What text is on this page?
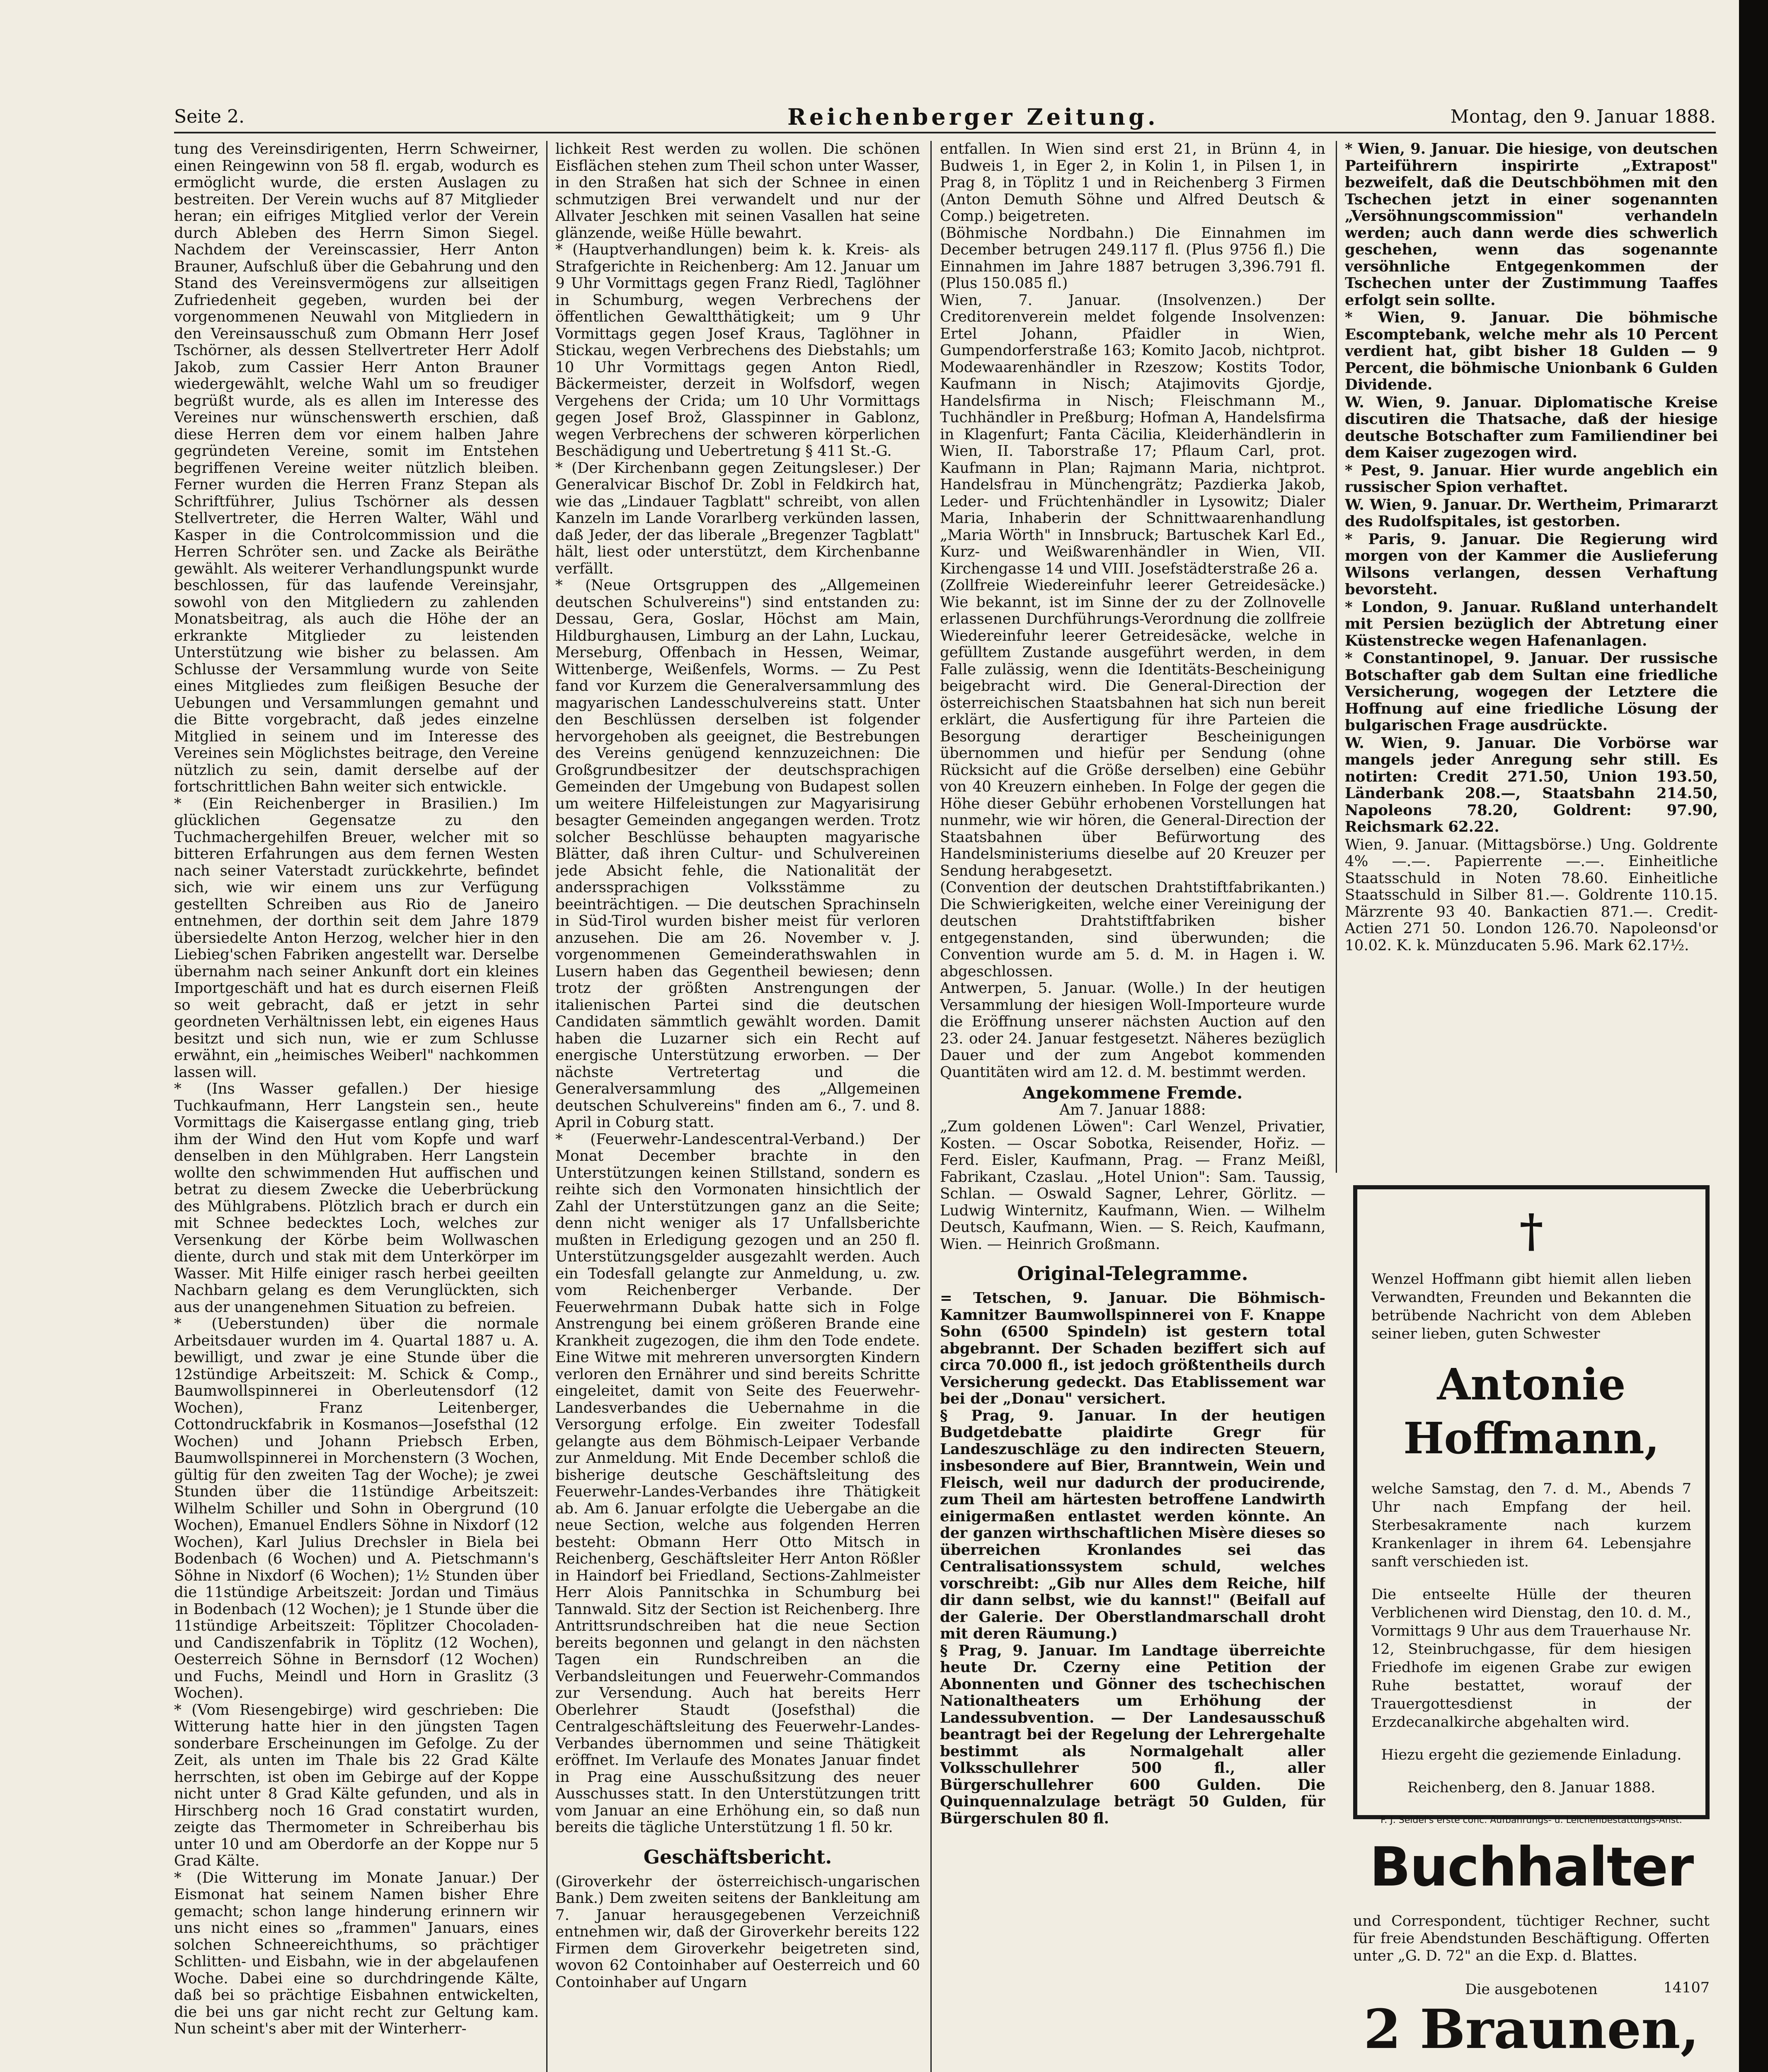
Seite 2.	Reichenberger Zeitung.	Montag, den 9. Januar 1888.

tung des Vereinsdirigenten, Herrn Schweirner, einen Reingewinn von 58 fl. ergab, wodurch es ermöglicht wurde, die ersten Auslagen zu bestreiten. Der Verein wuchs auf 87 Mitglieder heran; ein eifriges Mitglied verlor der Verein durch Ableben des Herrn Simon Siegel. Nachdem der Vereinscassier, Herr Anton Brauner, Aufschluß über die Gebahrung und den Stand des Vereinsvermögens zur allseitigen Zufriedenheit gegeben, wurden bei der vorgenommenen Neuwahl von Mitgliedern in den Vereinsausschuß zum Obmann Herr Josef Tschörner, als dessen Stellvertreter Herr Adolf Jakob, zum Cassier Herr Anton Brauner wiedergewählt, welche Wahl um so freudiger begrüßt wurde, als es allen im Interesse des Vereines nur wünschenswerth erschien, daß diese Herren dem vor einem halben Jahre gegründeten Vereine, somit im Entstehen begriffenen Vereine weiter nützlich bleiben. Ferner wurden die Herren Franz Stepan als Schriftführer, Julius Tschörner als dessen Stellvertreter, die Herren Walter, Wähl und Kasper in die Controlcommission und die Herren Schröter sen. und Zacke als Beiräthe gewählt. Als weiterer Verhandlungspunkt wurde beschlossen, für das laufende Vereinsjahr, sowohl von den Mitgliedern zu zahlenden Monatsbeitrag, als auch die Höhe der an erkrankte Mitglieder zu leistenden Unterstützung wie bisher zu belassen. Am Schlusse der Versammlung wurde von Seite eines Mitgliedes zum fleißigen Besuche der Uebungen und Versammlungen gemahnt und die Bitte vorgebracht, daß jedes einzelne Mitglied in seinem und im Interesse des Vereines sein Möglichstes beitrage, den Vereine nützlich zu sein, damit derselbe auf der fortschrittlichen Bahn weiter sich entwickle.

* (Ein Reichenberger in Brasilien.) Im glücklichen Gegensatze zu den Tuchmachergehilfen Breuer, welcher mit so bitteren Erfahrungen aus dem fernen Westen nach seiner Vaterstadt zurückkehrte, befindet sich, wie wir einem uns zur Verfügung gestellten Schreiben aus Rio de Janeiro entnehmen, der dorthin seit dem Jahre 1879 übersiedelte Anton Herzog, welcher hier in den Liebieg'schen Fabriken angestellt war. Derselbe übernahm nach seiner Ankunft dort ein kleines Importgeschäft und hat es durch eisernen Fleiß so weit gebracht, daß er jetzt in sehr geordneten Verhältnissen lebt, ein eigenes Haus besitzt und sich nun, wie er zum Schlusse erwähnt, ein „heimisches Weiberl" nachkommen lassen will.

* (Ins Wasser gefallen.) Der hiesige Tuchkaufmann, Herr Langstein sen., heute Vormittags die Kaisergasse entlang ging, trieb ihm der Wind den Hut vom Kopfe und warf denselben in den Mühlgraben. Herr Langstein wollte den schwimmenden Hut auffischen und betrat zu diesem Zwecke die Ueberbrückung des Mühlgrabens. Plötzlich brach er durch ein mit Schnee bedecktes Loch, welches zur Versenkung der Körbe beim Wollwaschen diente, durch und stak mit dem Unterkörper im Wasser. Mit Hilfe einiger rasch herbei geeilten Nachbarn gelang es dem Verunglückten, sich aus der unangenehmen Situation zu befreien.

* (Ueberstunden) über die normale Arbeitsdauer wurden im 4. Quartal 1887 u. A. bewilligt, und zwar je eine Stunde über die 12stündige Arbeitszeit: M. Schick & Comp., Baumwollspinnerei in Oberleutensdorf (12 Wochen), Franz Leitenberger, Cottondruckfabrik in Kosmanos—Josefsthal (12 Wochen) und Johann Priebsch Erben, Baumwollspinnerei in Morchenstern (3 Wochen, gültig für den zweiten Tag der Woche); je zwei Stunden über die 11stündige Arbeitszeit: Wilhelm Schiller und Sohn in Obergrund (10 Wochen), Emanuel Endlers Söhne in Nixdorf (12 Wochen), Karl Julius Drechsler in Biela bei Bodenbach (6 Wochen) und A. Pietschmann's Söhne in Nixdorf (6 Wochen); 1½ Stunden über die 11stündige Arbeitszeit: Jordan und Timäus in Bodenbach (12 Wochen); je 1 Stunde über die 11stündige Arbeitszeit: Töplitzer Chocoladen- und Candiszenfabrik in Töplitz (12 Wochen), Oesterreich Söhne in Bernsdorf (12 Wochen) und Fuchs, Meindl und Horn in Graslitz (3 Wochen).

* (Vom Riesengebirge) wird geschrieben: Die Witterung hatte hier in den jüngsten Tagen sonderbare Erscheinungen im Gefolge. Zu der Zeit, als unten im Thale bis 22 Grad Kälte herrschten, ist oben im Gebirge auf der Koppe nicht unter 8 Grad Kälte gefunden, und als in Hirschberg noch 16 Grad constatirt wurden, zeigte das Thermometer in Schreiberhau bis unter 10 und am Oberdorfe an der Koppe nur 5 Grad Kälte.

* (Die Witterung im Monate Januar.) Der Eismonat hat seinem Namen bisher Ehre gemacht; schon lange hinderung erinnern wir uns nicht eines so „frammen" Januars, eines solchen Schneereichthums, so prächtiger Schlitten- und Eisbahn, wie in der abgelaufenen Woche. Dabei eine so durchdringende Kälte, daß bei so prächtige Eisbahnen entwickelten, die bei uns gar nicht recht zur Geltung kam. Nun scheint's aber mit der Winterherr-

lichkeit Rest werden zu wollen. Die schönen Eisflächen stehen zum Theil schon unter Wasser, in den Straßen hat sich der Schnee in einen schmutzigen Brei verwandelt und nur der Allvater Jeschken mit seinen Vasallen hat seine glänzende, weiße Hülle bewahrt.

* (Hauptverhandlungen) beim k. k. Kreis- als Strafgerichte in Reichenberg: Am 12. Januar um 9 Uhr Vormittags gegen Franz Riedl, Taglöhner in Schumburg, wegen Verbrechens der öffentlichen Gewaltthätigkeit; um 9 Uhr Vormittags gegen Josef Kraus, Taglöhner in Stickau, wegen Verbrechens des Diebstahls; um 10 Uhr Vormittags gegen Anton Riedl, Bäckermeister, derzeit in Wolfsdorf, wegen Vergehens der Crida; um 10 Uhr Vormittags gegen Josef Brož, Glasspinner in Gablonz, wegen Verbrechens der schweren körperlichen Beschädigung und Uebertretung § 411 St.-G.

* (Der Kirchenbann gegen Zeitungsleser.) Der Generalvicar Bischof Dr. Zobl in Feldkirch hat, wie das „Lindauer Tagblatt" schreibt, von allen Kanzeln im Lande Vorarlberg verkünden lassen, daß Jeder, der das liberale „Bregenzer Tagblatt" hält, liest oder unterstützt, dem Kirchenbanne verfällt.

* (Neue Ortsgruppen des „Allgemeinen deutschen Schulvereins") sind entstanden zu: Dessau, Gera, Goslar, Höchst am Main, Hildburghausen, Limburg an der Lahn, Luckau, Merseburg, Offenbach in Hessen, Weimar, Wittenberge, Weißenfels, Worms. — Zu Pest fand vor Kurzem die Generalversammlung des magyarischen Landesschulvereins statt. Unter den Beschlüssen derselben ist folgender hervorgehoben als geeignet, die Bestrebungen des Vereins genügend kennzuzeichnen: Die Großgrundbesitzer der deutschsprachigen Gemeinden der Umgebung von Budapest sollen um weitere Hilfeleistungen zur Magyarisirung besagter Gemeinden angegangen werden. Trotz solcher Beschlüsse behaupten magyarische Blätter, daß ihren Cultur- und Schulvereinen jede Absicht fehle, die Nationalität der anderssprachigen Volksstämme zu beeinträchtigen. — Die deutschen Sprachinseln in Süd-Tirol wurden bisher meist für verloren anzusehen. Die am 26. November v. J. vorgenommenen Gemeinderathswahlen in Lusern haben das Gegentheil bewiesen; denn trotz der größten Anstrengungen der italienischen Partei sind die deutschen Candidaten sämmtlich gewählt worden. Damit haben die Luzarner sich ein Recht auf energische Unterstützung erworben. — Der nächste Vertretertag und die Generalversammlung des „Allgemeinen deutschen Schulvereins" finden am 6., 7. und 8. April in Coburg statt.

* (Feuerwehr-Landescentral-Verband.) Der Monat December brachte in den Unterstützungen keinen Stillstand, sondern es reihte sich den Vormonaten hinsichtlich der Zahl der Unterstützungen ganz an die Seite; denn nicht weniger als 17 Unfallsberichte mußten in Erledigung gezogen und an 250 fl. Unterstützungsgelder ausgezahlt werden. Auch ein Todesfall gelangte zur Anmeldung, u. zw. vom Reichenberger Verbande. Der Feuerwehrmann Dubak hatte sich in Folge Anstrengung bei einem größeren Brande eine Krankheit zugezogen, die ihm den Tode endete. Eine Witwe mit mehreren unversorgten Kindern verloren den Ernährer und sind bereits Schritte eingeleitet, damit von Seite des Feuerwehr-Landesverbandes die Uebernahme in die Versorgung erfolge. Ein zweiter Todesfall gelangte aus dem Böhmisch-Leipaer Verbande zur Anmeldung. Mit Ende December schloß die bisherige deutsche Geschäftsleitung des Feuerwehr-Landes-Verbandes ihre Thätigkeit ab. Am 6. Januar erfolgte die Uebergabe an die neue Section, welche aus folgenden Herren besteht: Obmann Herr Otto Mitsch in Reichenberg, Geschäftsleiter Herr Anton Rößler in Haindorf bei Friedland, Sections-Zahlmeister Herr Alois Pannitschka in Schumburg bei Tannwald. Sitz der Section ist Reichenberg. Ihre Antrittsrundschreiben hat die neue Section bereits begonnen und gelangt in den nächsten Tagen ein Rundschreiben an die Verbandsleitungen und Feuerwehr-Commandos zur Versendung. Auch hat bereits Herr Oberlehrer Staudt (Josefsthal) die Centralgeschäftsleitung des Feuerwehr-Landes-Verbandes übernommen und seine Thätigkeit eröffnet. Im Verlaufe des Monates Januar findet in Prag eine Ausschußsitzung des neuer Ausschusses statt. In den Unterstützungen tritt vom Januar an eine Erhöhung ein, so daß nun bereits die tägliche Unterstützung 1 fl. 50 kr.

Geschäftsbericht.

(Giroverkehr der österreichisch-ungarischen Bank.) Dem zweiten seitens der Bankleitung am 7. Januar herausgegebenen Verzeichniß entnehmen wir, daß der Giroverkehr bereits 122 Firmen dem Giroverkehr beigetreten sind, wovon 62 Contoinhaber auf Oesterreich und 60 Contoinhaber auf Ungarn

entfallen. In Wien sind erst 21, in Brünn 4, in Budweis 1, in Eger 2, in Kolin 1, in Pilsen 1, in Prag 8, in Töplitz 1 und in Reichenberg 3 Firmen (Anton Demuth Söhne und Alfred Deutsch & Comp.) beigetreten.

(Böhmische Nordbahn.) Die Einnahmen im December betrugen 249.117 fl. (Plus 9756 fl.) Die Einnahmen im Jahre 1887 betrugen 3,396.791 fl. (Plus 150.085 fl.)

Wien, 7. Januar. (Insolvenzen.) Der Creditorenverein meldet folgende Insolvenzen: Ertel Johann, Pfaidler in Wien, Gumpendorferstraße 163; Komito Jacob, nichtprot. Modewaarenhändler in Rzeszow; Kostits Todor, Kaufmann in Nisch; Atajimovits Gjordje, Handelsfirma in Nisch; Fleischmann M., Tuchhändler in Preßburg; Hofman A, Handelsfirma in Klagenfurt; Fanta Cäcilia, Kleiderhändlerin in Wien, II. Taborstraße 17; Pflaum Carl, prot. Kaufmann in Plan; Rajmann Maria, nichtprot. Handelsfrau in Münchengrätz; Pazdierka Jakob, Leder- und Früchtenhändler in Lysowitz; Dialer Maria, Inhaberin der Schnittwaarenhandlung „Maria Wörth" in Innsbruck; Bartuschek Karl Ed., Kurz- und Weißwarenhändler in Wien, VII. Kirchengasse 14 und VIII. Josefstädterstraße 26 a.

(Zollfreie Wiedereinfuhr leerer Getreidesäcke.) Wie bekannt, ist im Sinne der zu der Zollnovelle erlassenen Durchführungs-Verordnung die zollfreie Wiedereinfuhr leerer Getreidesäcke, welche in gefülltem Zustande ausgeführt werden, in dem Falle zulässig, wenn die Identitäts-Bescheinigung beigebracht wird. Die General-Direction der österreichischen Staatsbahnen hat sich nun bereit erklärt, die Ausfertigung für ihre Parteien die Besorgung derartiger Bescheinigungen übernommen und hiefür per Sendung (ohne Rücksicht auf die Größe derselben) eine Gebühr von 40 Kreuzern einheben. In Folge der gegen die Höhe dieser Gebühr erhobenen Vorstellungen hat nunmehr, wie wir hören, die General-Direction der Staatsbahnen über Befürwortung des Handelsministeriums dieselbe auf 20 Kreuzer per Sendung herabgesetzt.

(Convention der deutschen Drahtstiftfabrikanten.) Die Schwierigkeiten, welche einer Vereinigung der deutschen Drahtstiftfabriken bisher entgegenstanden, sind überwunden; die Convention wurde am 5. d. M. in Hagen i. W. abgeschlossen.

Antwerpen, 5. Januar. (Wolle.) In der heutigen Versammlung der hiesigen Woll-Importeure wurde die Eröffnung unserer nächsten Auction auf den 23. oder 24. Januar festgesetzt. Näheres bezüglich Dauer und der zum Angebot kommenden Quantitäten wird am 12. d. M. bestimmt werden.

Angekommene Fremde.
Am 7. Januar 1888:

„Zum goldenen Löwen": Carl Wenzel, Privatier, Kosten. — Oscar Sobotka, Reisender, Hořiz. — Ferd. Eisler, Kaufmann, Prag. — Franz Meißl, Fabrikant, Czaslau. „Hotel Union": Sam. Taussig, Schlan. — Oswald Sagner, Lehrer, Görlitz. — Ludwig Winternitz, Kaufmann, Wien. — Wilhelm Deutsch, Kaufmann, Wien. — S. Reich, Kaufmann, Wien. — Heinrich Großmann.

Original-Telegramme.

= Tetschen, 9. Januar. Die Böhmisch-Kamnitzer Baumwollspinnerei von F. Knappe Sohn (6500 Spindeln) ist gestern total abgebrannt. Der Schaden beziffert sich auf circa 70.000 fl., ist jedoch größtentheils durch Versicherung gedeckt. Das Etablissement war bei der „Donau" versichert.

§ Prag, 9. Januar. In der heutigen Budgetdebatte plaidirte Gregr für Landeszuschläge zu den indirecten Steuern, insbesondere auf Bier, Branntwein, Wein und Fleisch, weil nur dadurch der producirende, zum Theil am härtesten betroffene Landwirth einigermaßen entlastet werden könnte. An der ganzen wirthschaftlichen Misère dieses so überreichen Kronlandes sei das Centralisationssystem schuld, welches vorschreibt: „Gib nur Alles dem Reiche, hilf dir dann selbst, wie du kannst!" (Beifall auf der Galerie. Der Oberstlandmarschall droht mit deren Räumung.)

§ Prag, 9. Januar. Im Landtage überreichte heute Dr. Czerny eine Petition der Abonnenten und Gönner des tschechischen Nationaltheaters um Erhöhung der Landessubvention. — Der Landesausschuß beantragt bei der Regelung der Lehrergehalte bestimmt als Normalgehalt aller Volksschullehrer 500 fl., aller Bürgerschullehrer 600 Gulden. Die Quinquennalzulage beträgt 50 Gulden, für Bürgerschulen 80 fl.

* Wien, 9. Januar. Die hiesige, von deutschen Parteiführern inspirirte „Extrapost" bezweifelt, daß die Deutschböhmen mit den Tschechen jetzt in einer sogenannten „Versöhnungscommission" verhandeln werden; auch dann werde dies schwerlich geschehen, wenn das sogenannte versöhnliche Entgegenkommen der Tschechen unter der Zustimmung Taaffes erfolgt sein sollte.

* Wien, 9. Januar. Die böhmische Escomptebank, welche mehr als 10 Percent verdient hat, gibt bisher 18 Gulden — 9 Percent, die böhmische Unionbank 6 Gulden Dividende.

W. Wien, 9. Januar. Diplomatische Kreise discutiren die Thatsache, daß der hiesige deutsche Botschafter zum Familiendiner bei dem Kaiser zugezogen wird.

* Pest, 9. Januar. Hier wurde angeblich ein russischer Spion verhaftet.

W. Wien, 9. Januar. Dr. Wertheim, Primararzt des Rudolfspitales, ist gestorben.

* Paris, 9. Januar. Die Regierung wird morgen von der Kammer die Auslieferung Wilsons verlangen, dessen Verhaftung bevorsteht.

* London, 9. Januar. Rußland unterhandelt mit Persien bezüglich der Abtretung einer Küstenstrecke wegen Hafenanlagen.

* Constantinopel, 9. Januar. Der russische Botschafter gab dem Sultan eine friedliche Versicherung, wogegen der Letztere die Hoffnung auf eine friedliche Lösung der bulgarischen Frage ausdrückte.

W. Wien, 9. Januar. Die Vorbörse war mangels jeder Anregung sehr still. Es notirten: Credit 271.50, Union 193.50, Länderbank 208.—, Staatsbahn 214.50, Napoleons 78.20, Goldrent: 97.90, Reichsmark 62.22.

Wien, 9. Januar. (Mittagsbörse.) Ung. Goldrente 4% —.—. Papierrente —.—. Einheitliche Staatsschuld in Noten 78.60. Einheitliche Staatsschuld in Silber 81.—. Goldrente 110.15. Märzrente 93 40. Bankactien 871.—. Credit-Actien 271 50. London 126.70. Napoleonsd'or 10.02. K. k. Münzducaten 5.96. Mark 62.17½.

†

Wenzel Hoffmann gibt hiemit allen lieben Verwandten, Freunden und Bekannten die betrübende Nachricht von dem Ableben seiner lieben, guten Schwester

Antonie Hoffmann,

welche Samstag, den 7. d. M., Abends 7 Uhr nach Empfang der heil. Sterbesakramente nach kurzem Krankenlager in ihrem 64. Lebensjahre sanft verschieden ist.

Die entseelte Hülle der theuren Verblichenen wird Dienstag, den 10. d. M., Vormittags 9 Uhr aus dem Trauerhause Nr. 12, Steinbruchgasse, für dem hiesigen Friedhofe im eigenen Grabe zur ewigen Ruhe bestattet, worauf der Trauergottesdienst in der Erzdecanalkirche abgehalten wird.

Hiezu ergeht die geziemende Einladung.

Reichenberg, den 8. Januar 1888.

F. J. Seidel's erste conc. Aufbahrungs- u. Leichenbestattungs-Anst.
Buchhalter

und Correspondent, tüchtiger Rechner, sucht für freie Abendstunden Beschäftigung. Offerten unter „G. D. 72" an die Exp. d. Blattes.

14107
Die ausgebotenen
2 Braunen,
